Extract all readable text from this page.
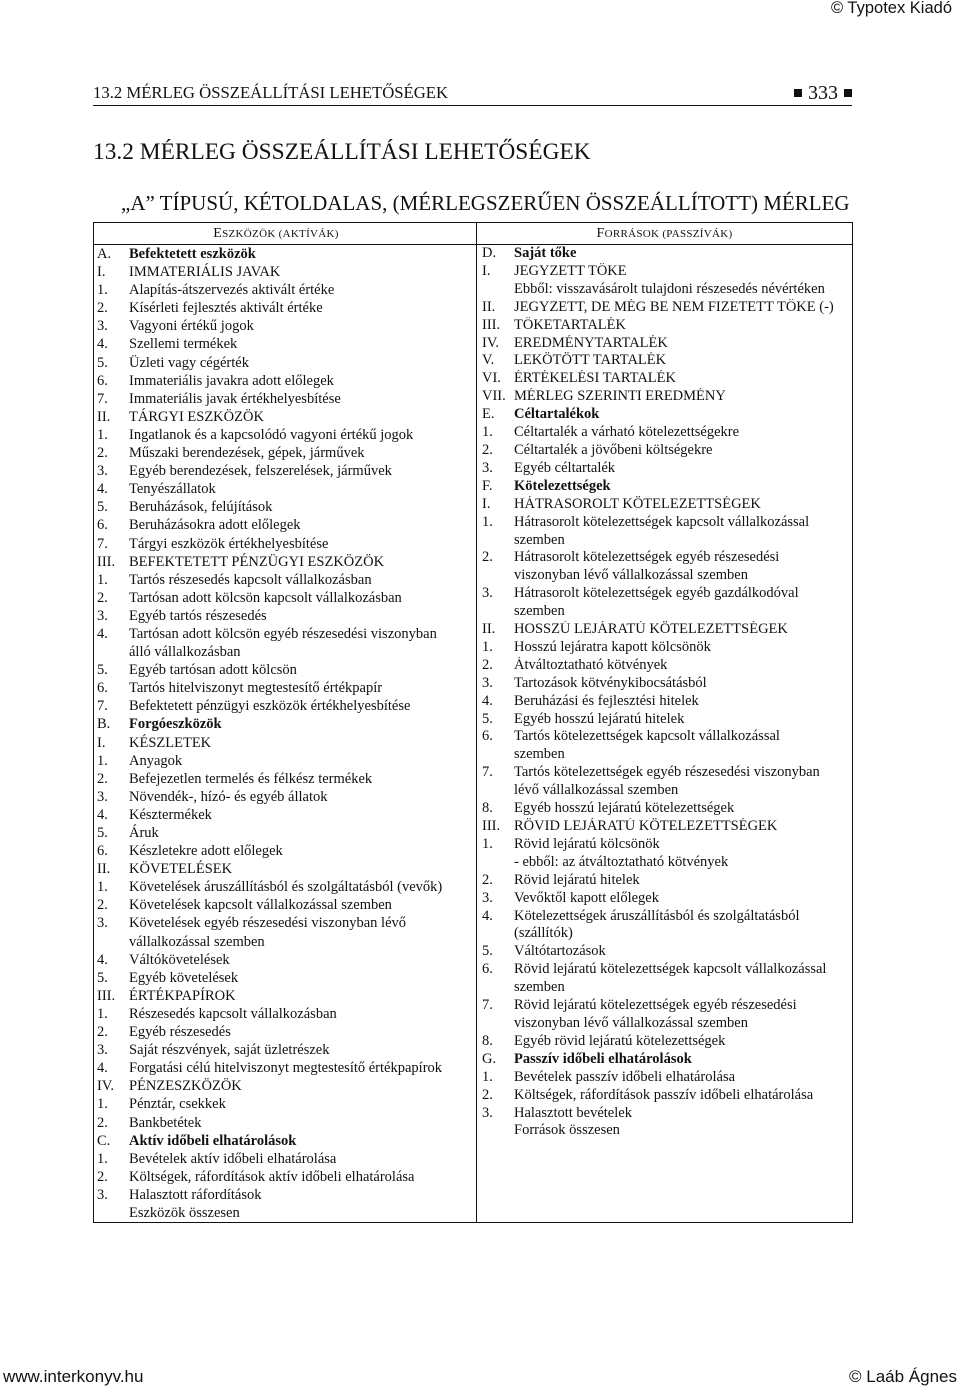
© Typotex Kiadó
13.2 MÉRLEG ÖSSZEÁLLÍTÁSI LEHETŐSÉGEK	333
13.2 MÉRLEG ÖSSZEÁLLÍTÁSI LEHETŐSÉGEK
„A” TÍPUSÚ, KÉTOLDALAS, (MÉRLEGSZERŰEN ÖSSZEÁLLÍTOTT) MÉRLEG
ESZKÖZÖK (AKTÍVÁK)	FORRÁSOK (PASSZÍVÁK)
A.	Befektetett eszközök
I.	IMMATERIÁLIS JAVAK
1.	Alapítás-átszervezés aktivált értéke
2.	Kísérleti fejlesztés aktivált értéke
3.	Vagyoni értékű jogok
4.	Szellemi termékek
5.	Üzleti vagy cégérték
6.	Immateriális javakra adott előlegek
7.	Immateriális javak értékhelyesbítése
II.	TÁRGYI ESZKÖZÖK
1.	Ingatlanok és a kapcsolódó vagyoni értékű jogok
2.	Műszaki berendezések, gépek, járművek
3.	Egyéb berendezések, felszerelések, járművek
4.	Tenyészállatok
5.	Beruházások, felújítások
6.	Beruházásokra adott előlegek
7.	Tárgyi eszközök értékhelyesbítése
III. BEFEKTETETT PÉNZÜGYI ESZKÖZÖK
1.	Tartós részesedés kapcsolt vállalkozásban
2.	Tartósan adott kölcsön kapcsolt vállalkozásban
3.	Egyéb tartós részesedés
4.	Tartósan adott kölcsön egyéb részesedési viszonyban
álló vállalkozásban
5.	Egyéb tartósan adott kölcsön
6.	Tartós hitelviszonyt megtestesítő értékpapír
7.	Befektetett pénzügyi eszközök értékhelyesbítése
B.	Forgóeszközök
I.	KÉSZLETEK
1.	Anyagok
2.	Befejezetlen termelés és félkész termékek
3.	Növendék-, hízó- és egyéb állatok
4.	Késztermékek
5.	Áruk
6.	Készletekre adott előlegek
II.	KÖVETELÉSEK
1.	Követelések áruszállításból és szolgáltatásból (vevők)
2.	Követelések kapcsolt vállalkozással szemben
3.	Követelések egyéb részesedési viszonyban lévő
vállalkozással szemben
4.	Váltókövetelések
5.	Egyéb követelések
III. ÉRTÉKPAPÍROK
1.	Részesedés kapcsolt vállalkozásban
2.	Egyéb részesedés
3.	Saját részvények, saját üzletrészek
4.	Forgatási célú hitelviszonyt megtestesítő értékpapírok
IV.	PÉNZESZKÖZÖK
1.	Pénztár, csekkek
2.	Bankbetétek
C.	Aktív időbeli elhatárolások
1.	Bevételek aktív időbeli elhatárolása
2.	Költségek, ráfordítások aktív időbeli elhatárolása
3.	Halasztott ráfordítások
Eszközök összesen
D.	Saját tőke
I.	JEGYZETT TŐKE
Ebből: visszavásárolt tulajdoni részesedés névértéken
II.	JEGYZETT, DE MÉG BE NEM FIZETETT TŐKE (-)
III. TŐKETARTALÉK
IV.	EREDMÉNYTARTALÉK
V.	LEKÖTÖTT TARTALÉK
VI. ÉRTÉKELÉSI TARTALÉK
VII. MÉRLEG SZERINTI EREDMÉNY
E.	Céltartalékok
1.	Céltartalék a várható kötelezettségekre
2.	Céltartalék a jövőbeni költségekre
3.	Egyéb céltartalék
F.	Kötelezettségek
I.	HÁTRASOROLT KÖTELEZETTSÉGEK
1.	Hátrasorolt kötelezettségek kapcsolt vállalkozással
szemben
2.	Hátrasorolt kötelezettségek egyéb részesedési
viszonyban lévő vállalkozással szemben
3.	Hátrasorolt kötelezettségek egyéb gazdálkodóval
szemben
II.	HOSSZÚ LEJÁRATÚ KÖTELEZETTSÉGEK
1.	Hosszú lejáratra kapott kölcsönök
2.	Átváltoztatható kötvények
3.	Tartozások kötvénykibocsátásból
4.	Beruházási és fejlesztési hitelek
5.	Egyéb hosszú lejáratú hitelek
6.	Tartós kötelezettségek kapcsolt vállalkozással
szemben
7.	Tartós kötelezettségek egyéb részesedési viszonyban
lévő vállalkozással szemben
8.	Egyéb hosszú lejáratú kötelezettségek
III. RÖVID LEJÁRATÚ KÖTELEZETTSÉGEK
1.	Rövid lejáratú kölcsönök
- ebből: az átváltoztatható kötvények
2.	Rövid lejáratú hitelek
3.	Vevőktől kapott előlegek
4.	Kötelezettségek áruszállításból és szolgáltatásból
(szállítók)
5.	Váltótartozások
6.	Rövid lejáratú kötelezettségek kapcsolt vállalkozással
szemben
7.	Rövid lejáratú kötelezettségek egyéb részesedési
viszonyban lévő vállalkozással szemben
8.	Egyéb rövid lejáratú kötelezettségek
G.	Passzív időbeli elhatárolások
1.	Bevételek passzív időbeli elhatárolása
2.	Költségek, ráfordítások passzív időbeli elhatárolása
3.	Halasztott bevételek
Források összesen
www.interkonyv.hu	© Laáb Ágnes
